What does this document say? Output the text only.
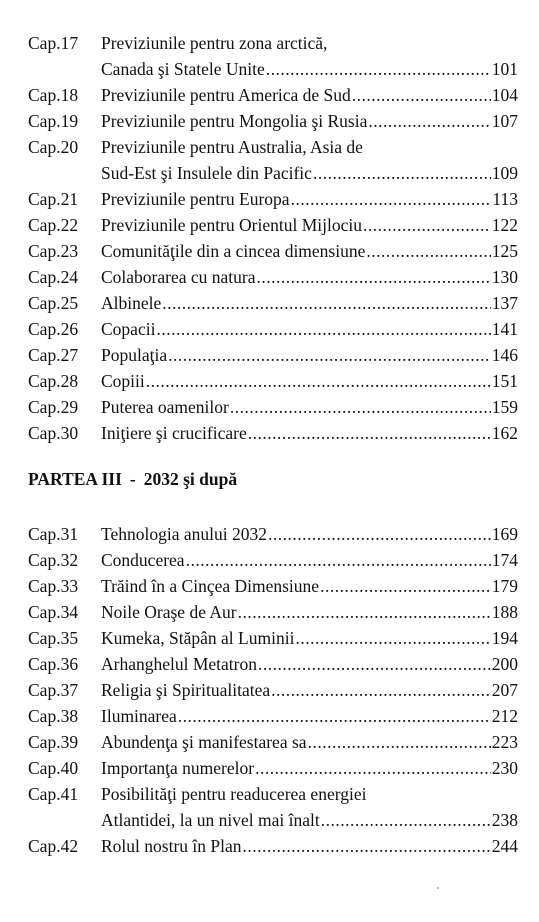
Cap.17	Previziunile pentru zona arctică,
Canada şi Statele Unite .....	101
Cap.18	Previziunile pentru America de Sud .....	104
Cap.19	Previziunile pentru Mongolia şi Rusia .....	107
Cap.20	Previziunile pentru Australia, Asia de
Sud-Est şi Insulele din Pacific .....	109
Cap.21	Previziunile pentru Europa .....	113
Cap.22	Previziunile pentru Orientul Mijlociu .....	122
Cap.23	Comunităţile din a cincea dimensiune .....	125
Cap.24	Colaborarea cu natura .....	130
Cap.25	Albinele .....	137
Cap.26	Copacii .....	141
Cap.27	Populaţia .....	146
Cap.28	Copiii .....	151
Cap.29	Puterea oamenilor .....	159
Cap.30	Iniţiere şi crucificare .....	162
PARTEA III - 2032 şi după
Cap.31	Tehnologia anului 2032 .....	169
Cap.32	Conducerea .....	174
Cap.33	Trăind în a Cinçea Dimensiune .....	179
Cap.34	Noile Oraşe de Aur .....	188
Cap.35	Kumeka, Stăpân al Luminii .....	194
Cap.36	Arhanghelul Metatron .....	200
Cap.37	Religia şi Spiritualitatea .....	207
Cap.38	Iluminarea .....	212
Cap.39	Abundenţa şi manifestarea sa .....	223
Cap.40	Importanţa numerelor .....	230
Cap.41	Posibilităţi pentru readucerea energiei
Atlantidei, la un nivel mai înalt .....	238
Cap.42	Rolul nostru în Plan .....	244
